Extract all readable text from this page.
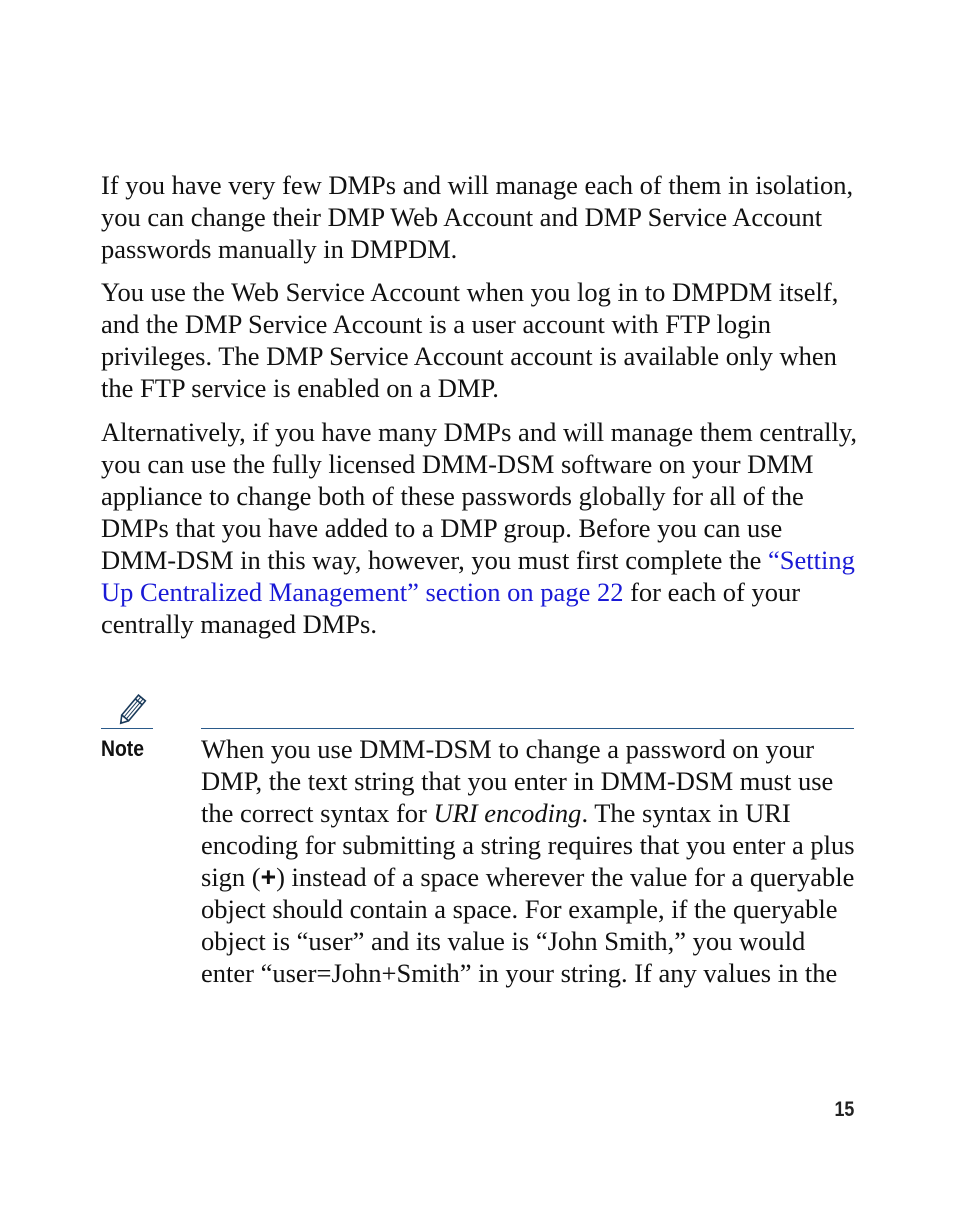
If you have very few DMPs and will manage each of them in isolation, you can change their DMP Web Account and DMP Service Account passwords manually in DMPDM.

You use the Web Service Account when you log in to DMPDM itself, and the DMP Service Account is a user account with FTP login privileges. The DMP Service Account account is available only when the FTP service is enabled on a DMP.

Alternatively, if you have many DMPs and will manage them centrally, you can use the fully licensed DMM-DSM software on your DMM appliance to change both of these passwords globally for all of the DMPs that you have added to a DMP group. Before you can use DMM-DSM in this way, however, you must first complete the “Setting Up Centralized Management” section on page 22 for each of your centrally managed DMPs.

Note When you use DMM-DSM to change a password on your DMP, the text string that you enter in DMM-DSM must use the correct syntax for URI encoding. The syntax in URI encoding for submitting a string requires that you enter a plus sign (+) instead of a space wherever the value for a queryable object should contain a space. For example, if the queryable object is “user” and its value is “John Smith,” you would enter “user=John+Smith” in your string. If any values in the

15
